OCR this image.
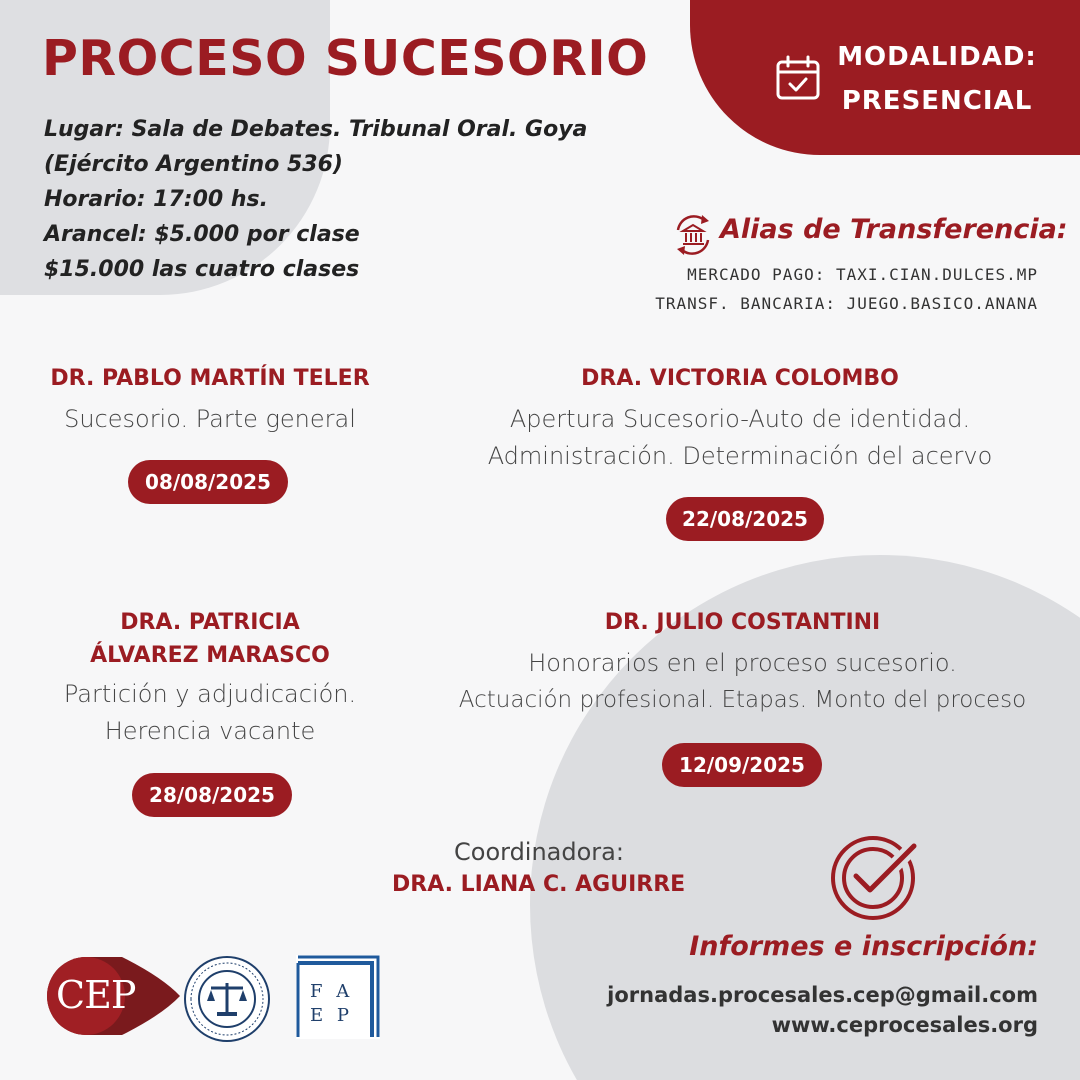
PROCESO SUCESORIO
Lugar: Sala de Debates. Tribunal Oral. Goya
(Ejército Argentino 536)
Horario: 17:00 hs.
Arancel: $5.000 por clase
$15.000 las cuatro clases
MODALIDAD:
PRESENCIAL
Alias de Transferencia:
MERCADO PAGO: TAXI.CIAN.DULCES.MP
TRANSF. BANCARIA: JUEGO.BASICO.ANANA
DR. PABLO MARTÍN TELER
Sucesorio. Parte general
08/08/2025
DRA. VICTORIA COLOMBO
Apertura Sucesorio-Auto de identidad.
Administración. Determinación del acervo
22/08/2025
DRA. PATRICIA
ÁLVAREZ MARASCO
Partición y adjudicación.
Herencia vacante
28/08/2025
DR. JULIO COSTANTINI
Honorarios en el proceso sucesorio.
Actuación profesional. Etapas. Monto del proceso
12/09/2025
Coordinadora:
DRA. LIANA C. AGUIRRE
Informes e inscripción:
jornadas.procesales.cep@gmail.com
www.ceprocesales.org
CEP	F A
E P
